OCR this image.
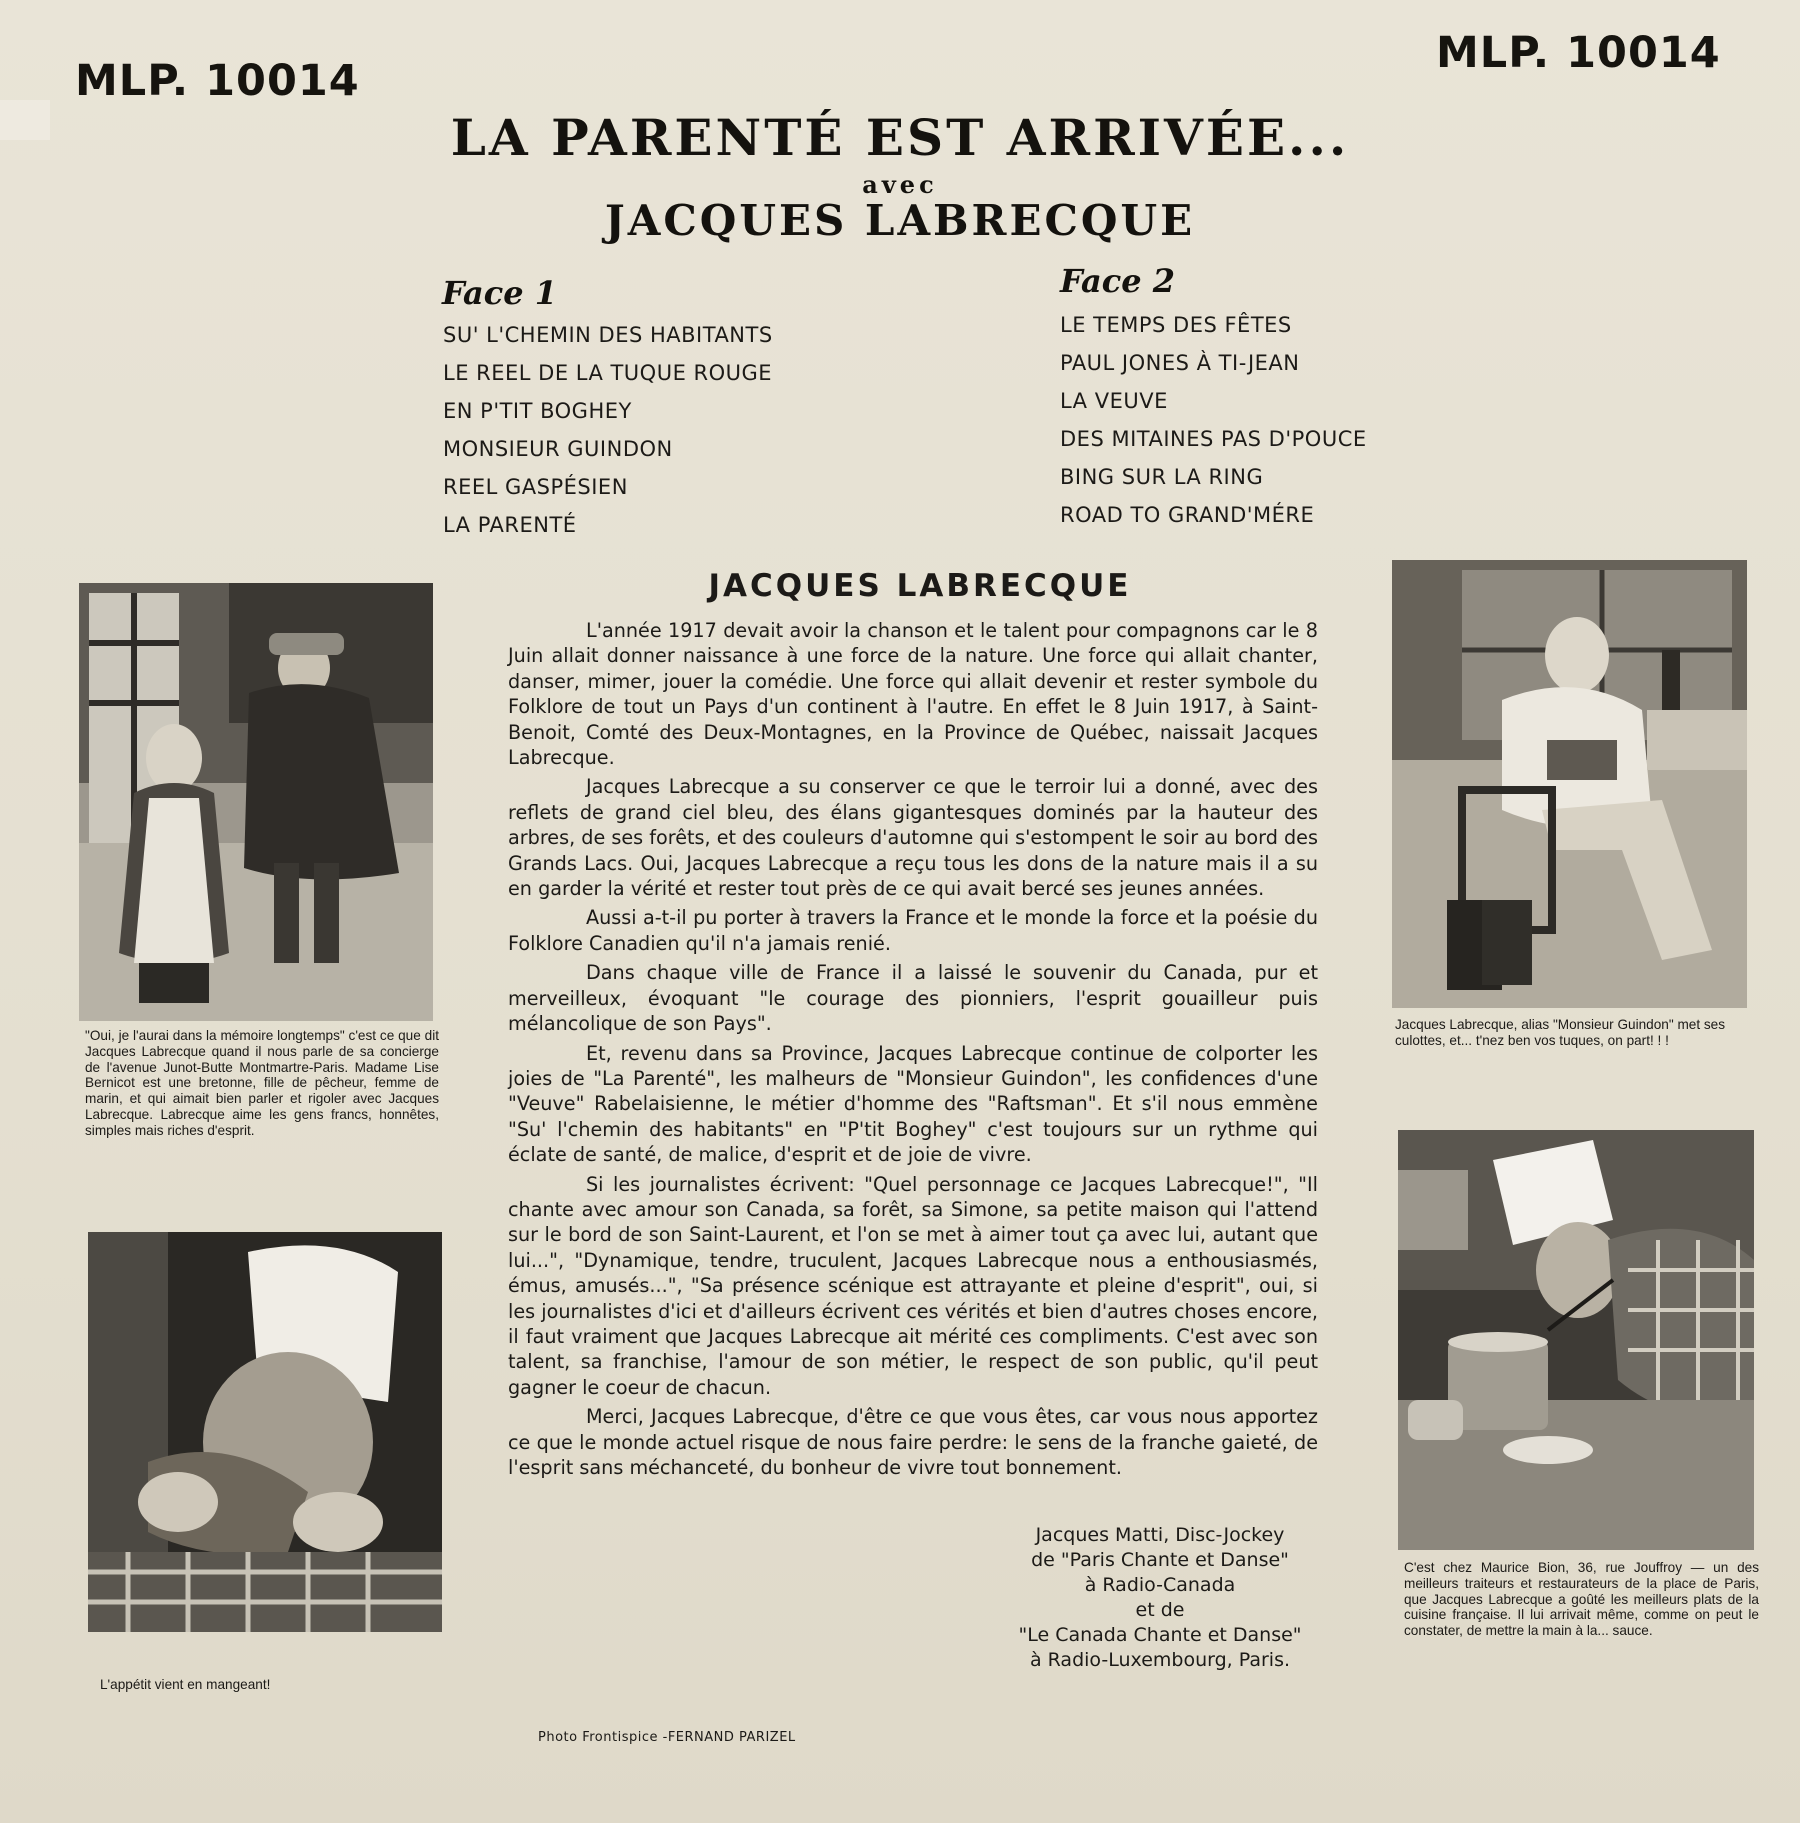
MLP. 10014
MLP. 10014
LA PARENTÉ EST ARRIVÉE...
avec
JACQUES LABRECQUE
Face 1
SU' L'CHEMIN DES HABITANTS
LE REEL DE LA TUQUE ROUGE
EN P'TIT BOGHEY
MONSIEUR GUINDON
REEL GASPÉSIEN
LA PARENTÉ
Face 2
LE TEMPS DES FÊTES
PAUL JONES À TI-JEAN
LA VEUVE
DES MITAINES PAS D'POUCE
BING SUR LA RING
ROAD TO GRAND'MÉRE
JACQUES LABRECQUE

L'année 1917 devait avoir la chanson et le talent pour compagnons car le 8 Juin allait donner naissance à une force de la nature. Une force qui allait chanter, danser, mimer, jouer la comédie. Une force qui allait devenir et rester symbole du Folklore de tout un Pays d'un continent à l'autre. En effet le 8 Juin 1917, à Saint-Benoit, Comté des Deux-Montagnes, en la Province de Québec, naissait Jacques Labrecque.

Jacques Labrecque a su conserver ce que le terroir lui a donné, avec des reflets de grand ciel bleu, des élans gigantesques dominés par la hauteur des arbres, de ses forêts, et des couleurs d'automne qui s'estompent le soir au bord des Grands Lacs. Oui, Jacques Labrecque a reçu tous les dons de la nature mais il a su en garder la vérité et rester tout près de ce qui avait bercé ses jeunes années.

Aussi a-t-il pu porter à travers la France et le monde la force et la poésie du Folklore Canadien qu'il n'a jamais renié.

Dans chaque ville de France il a laissé le souvenir du Canada, pur et merveilleux, évoquant "le courage des pionniers, l'esprit gouailleur puis mélancolique de son Pays".

Et, revenu dans sa Province, Jacques Labrecque continue de colporter les joies de "La Parenté", les malheurs de "Monsieur Guindon", les confidences d'une "Veuve" Rabelaisienne, le métier d'homme des "Raftsman". Et s'il nous emmène "Su' l'chemin des habitants" en "P'tit Boghey" c'est toujours sur un rythme qui éclate de santé, de malice, d'esprit et de joie de vivre.

Si les journalistes écrivent: "Quel personnage ce Jacques Labrecque!", "Il chante avec amour son Canada, sa forêt, sa Simone, sa petite maison qui l'attend sur le bord de son Saint-Laurent, et l'on se met à aimer tout ça avec lui, autant que lui...", "Dynamique, tendre, truculent, Jacques Labrecque nous a enthousiasmés, émus, amusés...", "Sa présence scénique est attrayante et pleine d'esprit", oui, si les journalistes d'ici et d'ailleurs écrivent ces vérités et bien d'autres choses encore, il faut vraiment que Jacques Labrecque ait mérité ces compliments. C'est avec son talent, sa franchise, l'amour de son métier, le respect de son public, qu'il peut gagner le coeur de chacun.

Merci, Jacques Labrecque, d'être ce que vous êtes, car vous nous apportez ce que le monde actuel risque de nous faire perdre: le sens de la franche gaieté, de l'esprit sans méchanceté, du bonheur de vivre tout bonnement.

Jacques Matti, Disc-Jockey
de "Paris Chante et Danse"
à Radio-Canada
et de
"Le Canada Chante et Danse"
à Radio-Luxembourg, Paris.
Photo Frontispice -FERNAND PARIZEL
"Oui, je l'aurai dans la mémoire longtemps" c'est ce que dit Jacques Labrecque quand il nous parle de sa concierge de l'avenue Junot-Butte Montmartre-Paris. Madame Lise Bernicot est une bretonne, fille de pêcheur, femme de marin, et qui aimait bien parler et rigoler avec Jacques Labrecque. Labrecque aime les gens francs, honnêtes, simples mais riches d'esprit.
L'appétit vient en mangeant!
Jacques Labrecque, alias "Monsieur Guindon" met ses culottes, et... t'nez ben vos tuques, on part! ! !
C'est chez Maurice Bion, 36, rue Jouffroy — un des meilleurs traiteurs et restaurateurs de la place de Paris, que Jacques Labrecque a goûté les meilleurs plats de la cuisine française. Il lui arrivait même, comme on peut le constater, de mettre la main à la... sauce.
